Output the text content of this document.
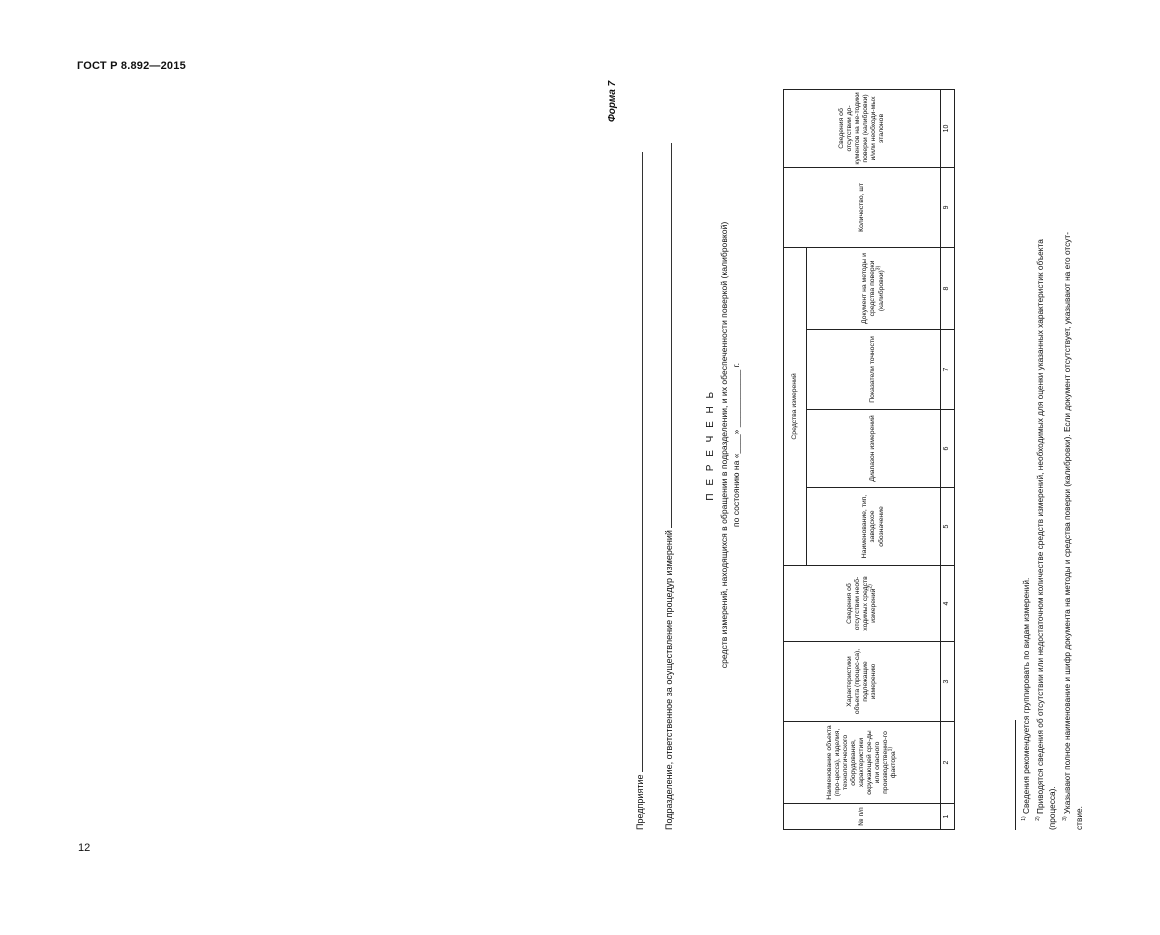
ГОСТ Р 8.892—2015
12
Форма 7
Предприятие Подразделение, ответственное за осуществление процедур измерений
П Е Р Е Ч Е Н Ь средств измерений, находящихся в обращении в подразделении, и их обеспеченности поверкой (калибровкой) по состоянию на «____» ____________ г.
№ п/п	Наименование объекта (про-цесса), изделия, технологического оборудования, характеристики окружающей сре-ды или опасного производственно-го фактора$^{1)}$	Характеристики объекта (процес-са), подлежащие измерению	Сведения об отсутствии необ-ходимых средств измерений$^{2)}$	Средства измерений				Количество, шт	Сведения об отсутствии до-кументов на ме-тодики поверки (калибровки) и/или необходи-мых эталонов
				Наименование, тип, заводское обозначение	Диапазон измерений	Показатели точности	Документ на методы и средства поверки (калибровки)$^{3)}$
1	2	3	4	5	6	7	8	9	10
$^{1)}$ Сведения рекомендуется группировать по видам измерений.
$^{2)}$ Приводятся сведения об отсутствии или недостаточном количестве средств измерений, необходимых для оценки указанных характеристик объекта (процесса). $^{3)}$ Указывают полное наименование и шифр документа на методы и средства поверки (калибровки). Если документ отсутствует, указывают на его отсут-
ствие.
